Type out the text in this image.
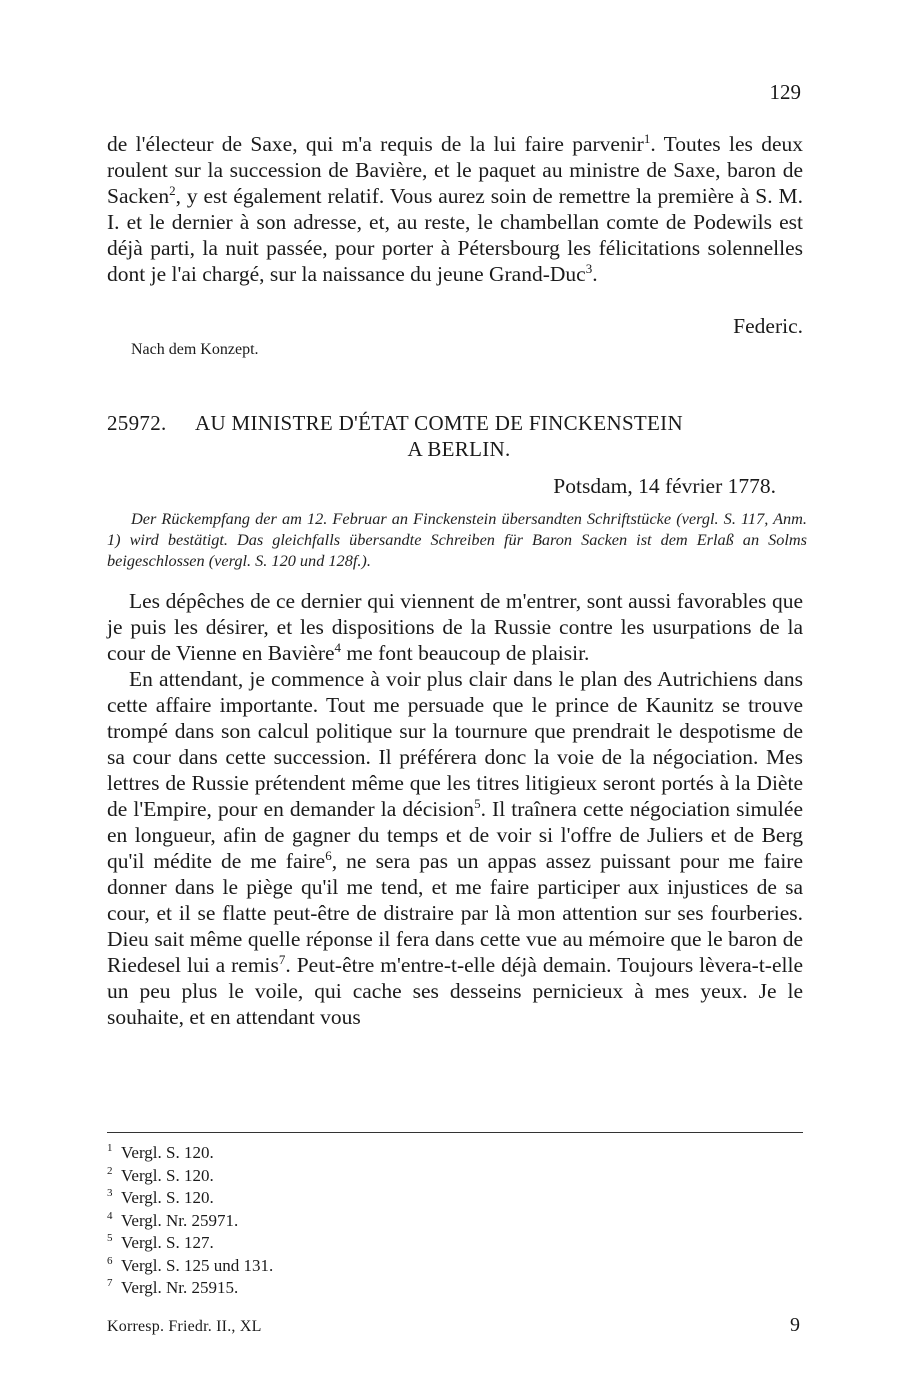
129

de l'électeur de Saxe, qui m'a requis de la lui faire parvenir$^1$. Toutes les deux roulent sur la succession de Bavière, et le paquet au ministre de Saxe, baron de Sacken$^2$, y est également relatif. Vous aurez soin de remettre la première à S. M. I. et le dernier à son adresse, et, au reste, le chambellan comte de Podewils est déjà parti, la nuit passée, pour porter à Pétersbourg les félicitations solennelles dont je l'ai chargé, sur la naissance du jeune Grand-Duc$^3$.

Federic.
Nach dem Konzept.
25972. AU MINISTRE D'ÉTAT COMTE DE FINCKENSTEIN
A BERLIN.
Potsdam, 14 février 1778.
Der Rückempfang der am 12. Februar an Finckenstein übersandten Schriftstücke (vergl. S. 117, Anm. 1) wird bestätigt. Das gleichfalls übersandte Schreiben für Baron Sacken ist dem Erlaß an Solms beigeschlossen (vergl. S. 120 und 128f.).

Les dépêches de ce dernier qui viennent de m'entrer, sont aussi favorables que je puis les désirer, et les dispositions de la Russie contre les usurpations de la cour de Vienne en Bavière$^4$ me font beaucoup de plaisir.

En attendant, je commence à voir plus clair dans le plan des Autrichiens dans cette affaire importante. Tout me persuade que le prince de Kaunitz se trouve trompé dans son calcul politique sur la tournure que prendrait le despotisme de sa cour dans cette succession. Il préférera donc la voie de la négociation. Mes lettres de Russie prétendent même que les titres litigieux seront portés à la Diète de l'Empire, pour en demander la décision$^5$. Il traînera cette négociation simulée en longueur, afin de gagner du temps et de voir si l'offre de Juliers et de Berg qu'il médite de me faire$^6$, ne sera pas un appas assez puissant pour me faire donner dans le piège qu'il me tend, et me faire participer aux injustices de sa cour, et il se flatte peut-être de distraire par là mon attention sur ses fourberies. Dieu sait même quelle réponse il fera dans cette vue au mémoire que le baron de Riedesel lui a remis$^7$. Peut-être m'entre-t-elle déjà demain. Toujours lèvera-t-elle un peu plus le voile, qui cache ses desseins pernicieux à mes yeux. Je le souhaite, et en attendant vous

$^1$ Vergl. S. 120.
$^2$ Vergl. S. 120.
$^3$ Vergl. S. 120.
$^4$ Vergl. Nr. 25971.
$^5$ Vergl. S. 127.
$^6$ Vergl. S. 125 und 131.
$^7$ Vergl. Nr. 25915.
Korresp. Friedr. II., XL	9
